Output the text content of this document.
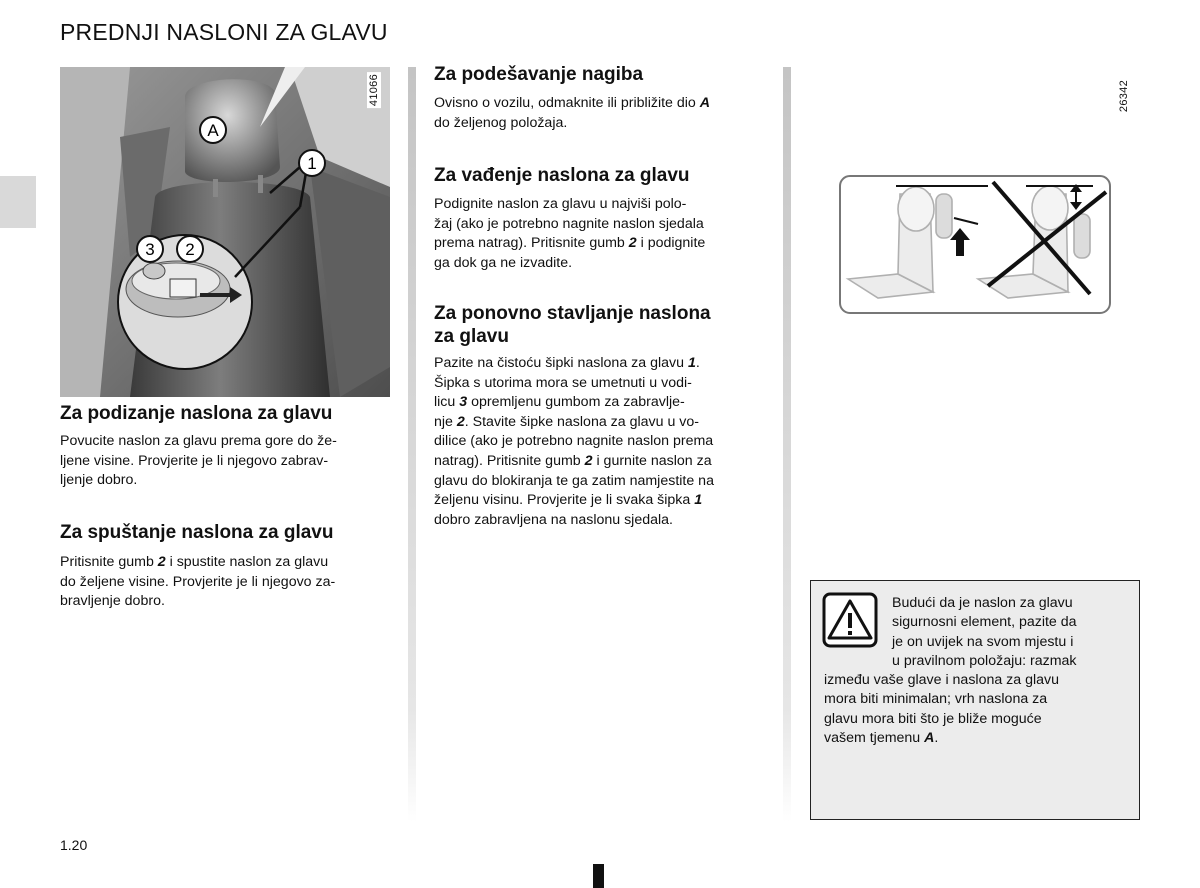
PREDNJI NASLONI ZA GLAVU
A
1
3 2
41066
Za podizanje naslona za glavu
Povucite naslon za glavu prema gore do že-
ljene visine. Provjerite je li njegovo zabrav-
ljenje dobro.
Za spuštanje naslona za glavu
Pritisnite gumb 2 i spustite naslon za glavu
do željene visine. Provjerite je li njegovo za-
bravljenje dobro.
Za podešavanje nagiba
Ovisno o vozilu, odmaknite ili približite dio A
do željenog položaja.
Za vađenje naslona za glavu
Podignite naslon za glavu u najviši polo-
žaj (ako je potrebno nagnite naslon sjedala
prema natrag). Pritisnite gumb 2 i podignite
ga dok ga ne izvadite.
Za ponovno stavljanje naslona
za glavu
Pazite na čistoću šipki naslona za glavu 1.
Šipka s utorima mora se umetnuti u vodi-
licu 3 opremljenu gumbom za zabravlje-
nje 2. Stavite šipke naslona za glavu u vo-
dilice (ako je potrebno nagnite naslon prema
natrag). Pritisnite gumb 2 i gurnite naslon za
glavu do blokiranja te ga zatim namjestite na
željenu visinu. Provjerite je li svaka šipka 1
dobro zabravljena na naslonu sjedala.
26342
Budući da je naslon za glavu
sigurnosni element, pazite da
je on uvijek na svom mjestu i
u pravilnom položaju: razmak
između vaše glave i naslona za glavu
mora biti minimalan; vrh naslona za
glavu mora biti što je bliže moguće
vašem tjemenu A.
1.20
